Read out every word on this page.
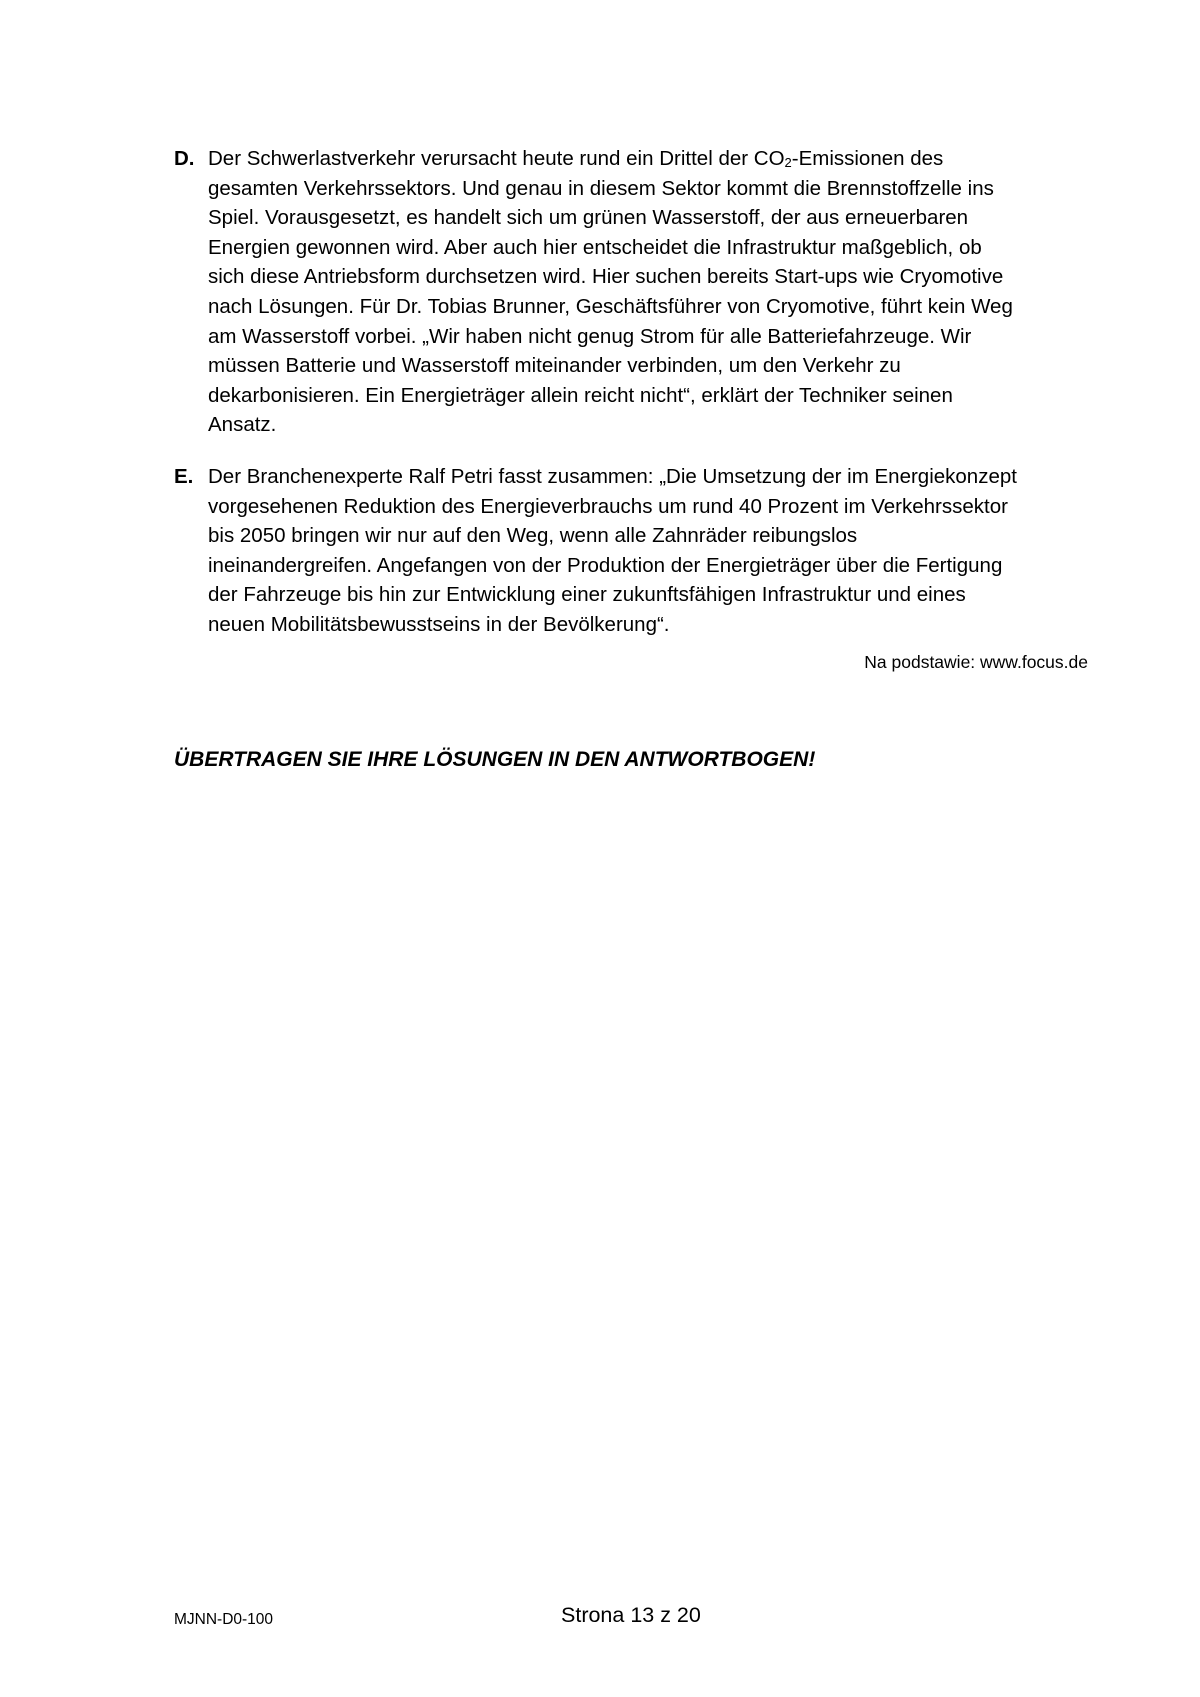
D. Der Schwerlastverkehr verursacht heute rund ein Drittel der $CO_2$-Emissionen des
gesamten Verkehrssektors. Und genau in diesem Sektor kommt die Brennstoffzelle ins
Spiel. Vorausgesetzt, es handelt sich um grünen Wasserstoff, der aus erneuerbaren
Energien gewonnen wird. Aber auch hier entscheidet die Infrastruktur maßgeblich, ob
sich diese Antriebsform durchsetzen wird. Hier suchen bereits Start-ups wie Cryomotive
nach Lösungen. Für Dr. Tobias Brunner, Geschäftsführer von Cryomotive, führt kein Weg
am Wasserstoff vorbei. „Wir haben nicht genug Strom für alle Batteriefahrzeuge. Wir
müssen Batterie und Wasserstoff miteinander verbinden, um den Verkehr zu
dekarbonisieren. Ein Energieträger allein reicht nicht“, erklärt der Techniker seinen
Ansatz.
E. Der Branchenexperte Ralf Petri fasst zusammen: „Die Umsetzung der im Energiekonzept
vorgesehenen Reduktion des Energieverbrauchs um rund 40 Prozent im Verkehrssektor
bis 2050 bringen wir nur auf den Weg, wenn alle Zahnräder reibungslos
ineinandergreifen. Angefangen von der Produktion der Energieträger über die Fertigung
der Fahrzeuge bis hin zur Entwicklung einer zukunftsfähigen Infrastruktur und eines
neuen Mobilitätsbewusstseins in der Bevölkerung“.
Na podstawie: www.focus.de
ÜBERTRAGEN SIE IHRE LÖSUNGEN IN DEN ANTWORTBOGEN!
MJNN-D0-100	Strona 13 z 20
